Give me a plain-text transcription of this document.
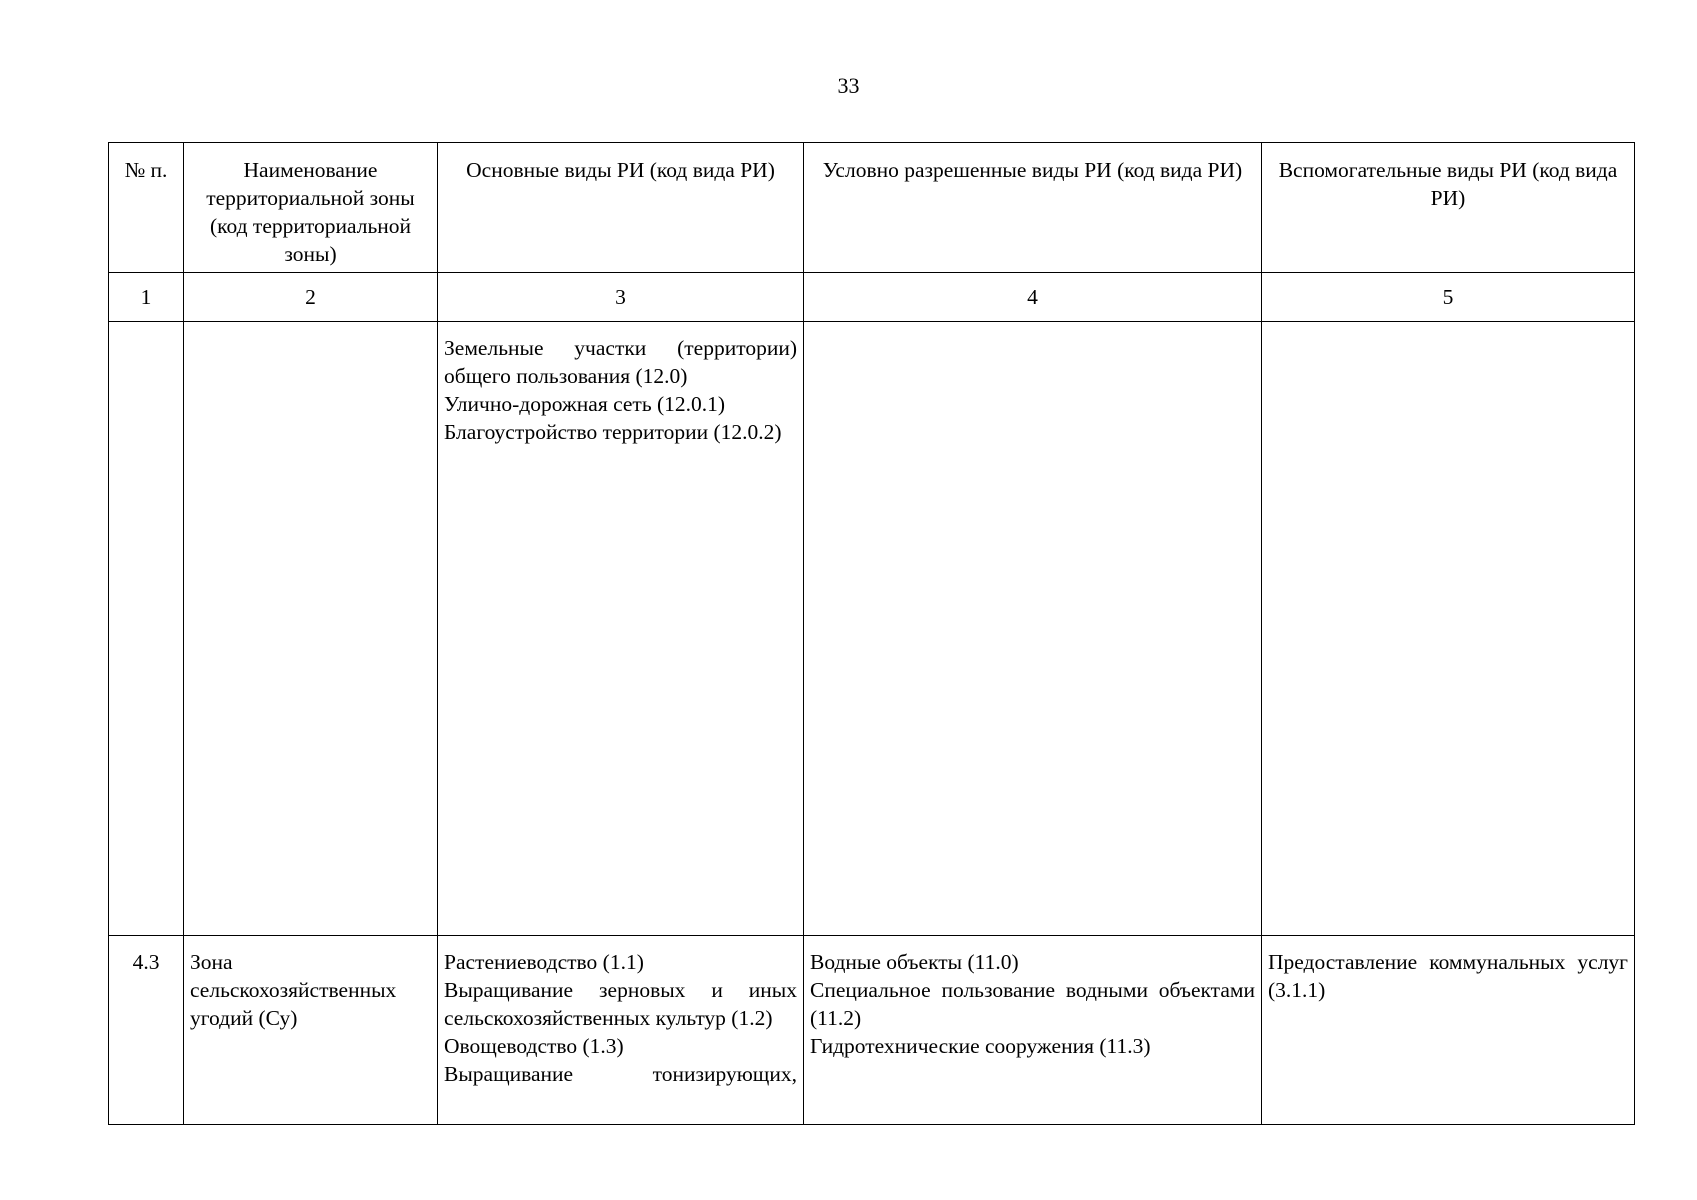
33
№ п.	Наименование территориальной зоны (код территориальной зоны)	Основные виды РИ (код вида РИ)	Условно разрешенные виды РИ (код вида РИ)	Вспомогательные виды РИ (код вида РИ)
1	2	3	4	5

		Земельные участки (территории) общего пользования (12.0)
Улично-дорожная сеть (12.0.1)
Благоустройство территории (12.0.2)		

4.3	Зона сельскохозяйственных угодий (Су)	Растениеводство (1.1)
Выращивание зерновых и иных сельскохозяйственных культур (1.2)
Овощеводство (1.3)
Выращивание тонизирующих,	Водные объекты (11.0)
Специальное пользование водными объектами (11.2)
Гидротехнические сооружения (11.3)	Предоставление коммунальных услуг (3.1.1)
